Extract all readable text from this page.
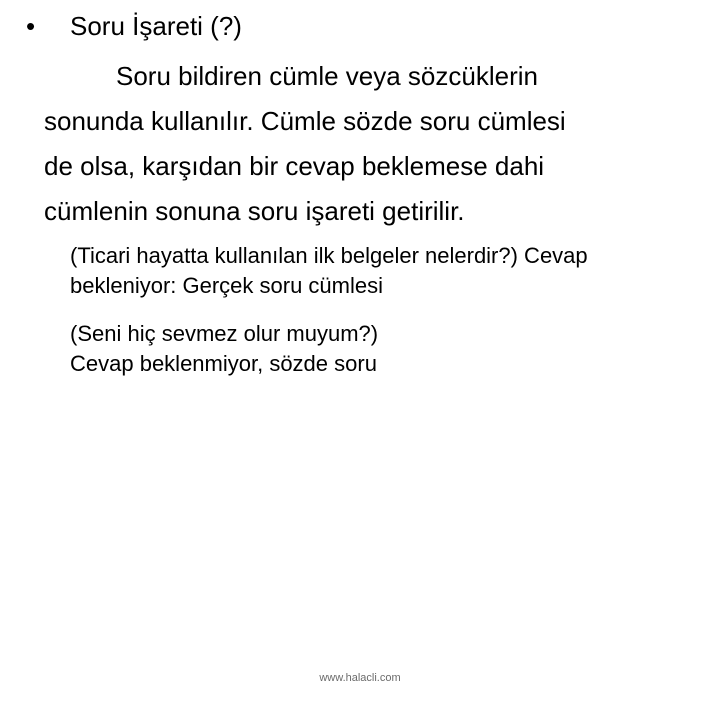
• Soru İşareti (?)
Soru bildiren cümle veya sözcüklerin
sonunda kullanılır. Cümle sözde soru cümlesi
de olsa, karşıdan bir cevap beklemese dahi
cümlenin sonuna soru işareti getirilir.
(Ticari hayatta kullanılan ilk belgeler nelerdir?) Cevap
bekleniyor: Gerçek soru cümlesi
(Seni hiç sevmez olur muyum?)
Cevap beklenmiyor, sözde soru
www.halacli.com
